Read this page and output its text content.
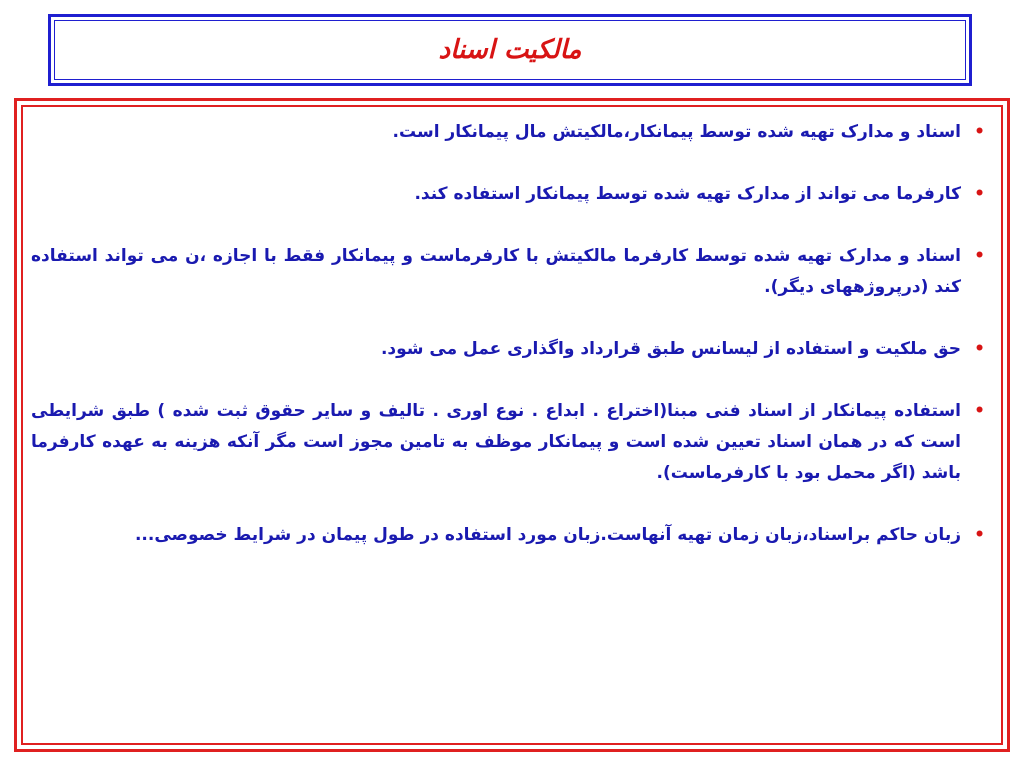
مالکیت اسناد
•
اسناد و مدارک تهیه شده توسط پیمانکار،مالکیتش مال پیمانکار است.
•
کارفرما می تواند از مدارک تهیه شده توسط پیمانکار استفاده کند.
•
اسناد و مدارک تهیه شده توسط کارفرما مالکیتش با کارفرماست و پیمانکار فقط با اجازه ،ن می تواند استفاده کند (درپروژههای دیگر).
•
حق ملکیت و استفاده از لیسانس طبق قرارداد واگذاری عمل می شود.
•
استفاده پیمانکار از اسناد فنی مبنا(اختراع . ابداع . نوع اوری . تالیف و سایر حقوق ثبت شده ) طبق شرایطی است که در همان اسناد تعیین شده است و پیمانکار موظف به تامین مجوز است مگر آنکه هزینه به عهده کارفرما باشد (اگر محمل بود با کارفرماست).
•
زبان حاکم براسناد،زبان زمان تهیه آنهاست.زبان مورد استفاده در طول پیمان در شرایط خصوصی...
